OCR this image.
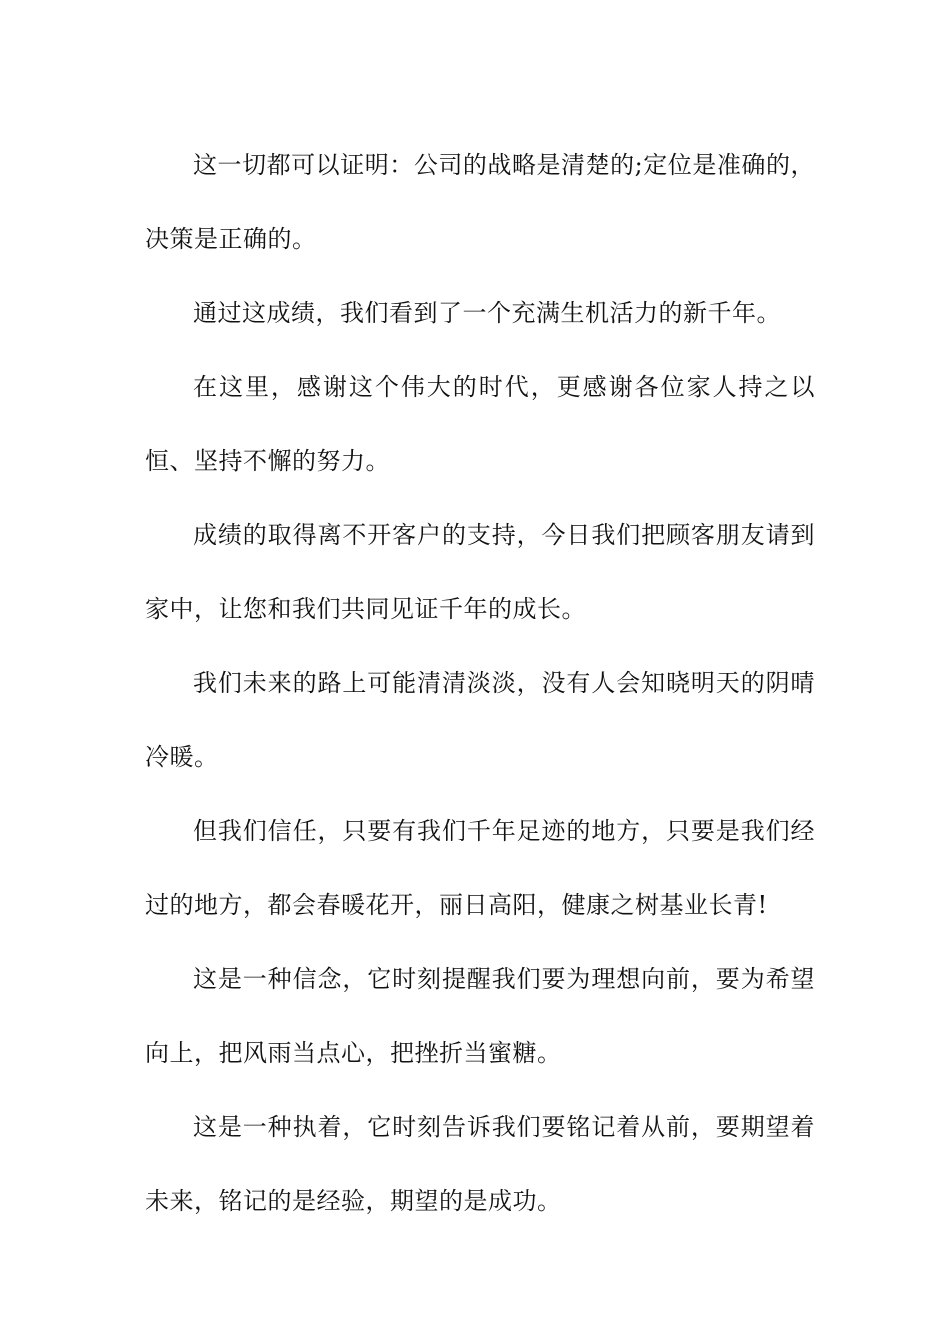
这一切都可以证明：公司的战略是清楚的;定位是准确的，决策是正确的。

通过这成绩，我们看到了一个充满生机活力的新千年。

在这里，感谢这个伟大的时代，更感谢各位家人持之以恒、坚持不懈的努力。

成绩的取得离不开客户的支持，今日我们把顾客朋友请到家中，让您和我们共同见证千年的成长。

我们未来的路上可能清清淡淡，没有人会知晓明天的阴晴冷暖。

但我们信任，只要有我们千年足迹的地方，只要是我们经过的地方，都会春暖花开，丽日高阳，健康之树基业长青!

这是一种信念，它时刻提醒我们要为理想向前，要为希望向上，把风雨当点心，把挫折当蜜糖。

这是一种执着，它时刻告诉我们要铭记着从前，要期望着未来，铭记的是经验，期望的是成功。
